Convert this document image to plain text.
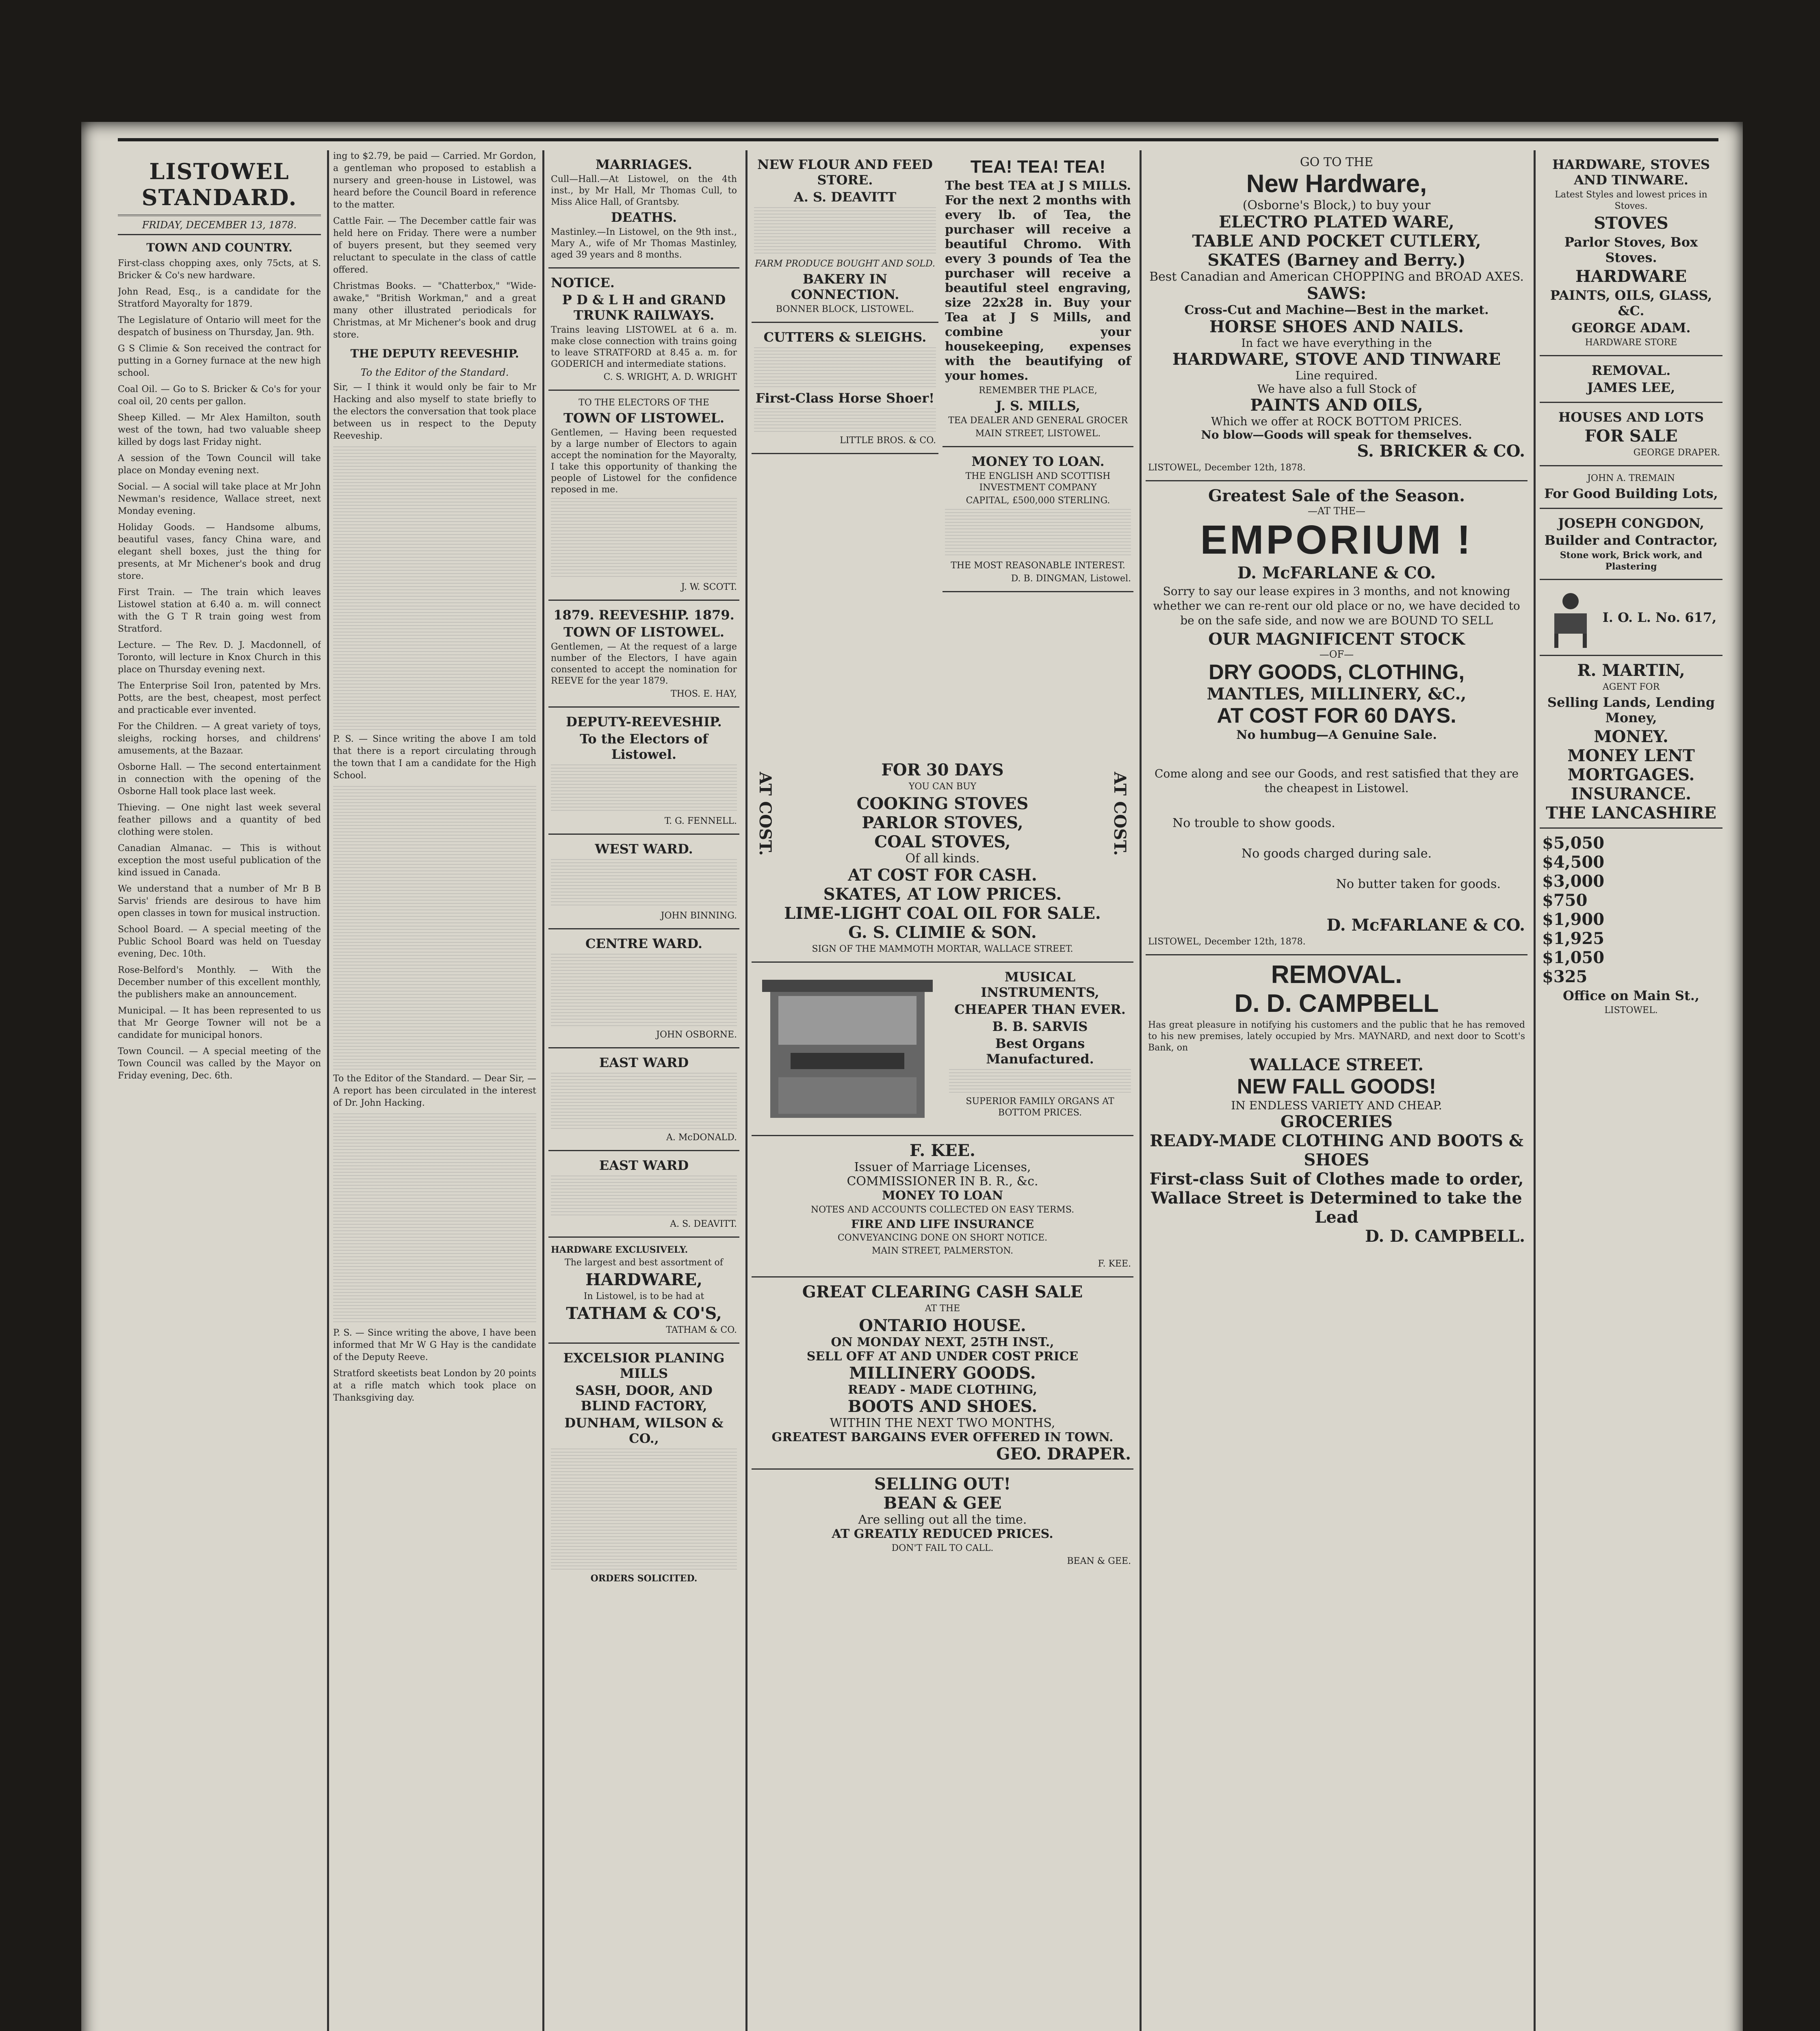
LISTOWEL STANDARD.
FRIDAY, DECEMBER 13, 1878.
TOWN AND COUNTRY.

First-class chopping axes, only 75cts, at S. Bricker & Co's new hardware.

John Read, Esq., is a candidate for the Stratford Mayoralty for 1879.

The Legislature of Ontario will meet for the despatch of business on Thursday, Jan. 9th.

G S Climie & Son received the contract for putting in a Gorney furnace at the new high school.

Coal Oil. — Go to S. Bricker & Co's for your coal oil, 20 cents per gallon.

Sheep Killed. — Mr Alex Hamilton, south west of the town, had two valuable sheep killed by dogs last Friday night.

A session of the Town Council will take place on Monday evening next.

Social. — A social will take place at Mr John Newman's residence, Wallace street, next Monday evening.

Holiday Goods. — Handsome albums, beautiful vases, fancy China ware, and elegant shell boxes, just the thing for presents, at Mr Michener's book and drug store.

First Train. — The train which leaves Listowel station at 6.40 a. m. will connect with the G T R train going west from Stratford.

Lecture. — The Rev. D. J. Macdonnell, of Toronto, will lecture in Knox Church in this place on Thursday evening next.

The Enterprise Soil Iron, patented by Mrs. Potts, are the best, cheapest, most perfect and practicable ever invented.

For the Children. — A great variety of toys, sleighs, rocking horses, and childrens' amusements, at the Bazaar.

Osborne Hall. — The second entertainment in connection with the opening of the Osborne Hall took place last week.

Thieving. — One night last week several feather pillows and a quantity of bed clothing were stolen.

Canadian Almanac. — This is without exception the most useful publication of the kind issued in Canada.

We understand that a number of Mr B B Sarvis' friends are desirous to have him open classes in town for musical instruction.

School Board. — A special meeting of the Public School Board was held on Tuesday evening, Dec. 10th.

Rose-Belford's Monthly. — With the December number of this excellent monthly, the publishers make an announcement.

Municipal. — It has been represented to us that Mr George Towner will not be a candidate for municipal honors.

Town Council. — A special meeting of the Town Council was called by the Mayor on Friday evening, Dec. 6th.

ing to $2.79, be paid — Carried. Mr Gordon, a gentleman who proposed to establish a nursery and green-house in Listowel, was heard before the Council Board in reference to the matter.

Cattle Fair. — The December cattle fair was held here on Friday. There were a number of buyers present, but they seemed very reluctant to speculate in the class of cattle offered.

Christmas Books. — "Chatterbox," "Wide-awake," "British Workman," and a great many other illustrated periodicals for Christmas, at Mr Michener's book and drug store.

THE DEPUTY REEVESHIP.
To the Editor of the Standard.

Sir, — I think it would only be fair to Mr Hacking and also myself to state briefly to the electors the conversation that took place between us in respect to the Deputy Reeveship.

P. S. — Since writing the above I am told that there is a report circulating through the town that I am a candidate for the High School.

To the Editor of the Standard. — Dear Sir, — A report has been circulated in the interest of Dr. John Hacking.

P. S. — Since writing the above, I have been informed that Mr W G Hay is the candidate of the Deputy Reeve.

Stratford skeetists beat London by 20 points at a rifle match which took place on Thanksgiving day.

MARRIAGES.

Cull—Hall.—At Listowel, on the 4th inst., by Mr Hall, Mr Thomas Cull, to Miss Alice Hall, of Grantsby.

DEATHS.

Mastinley.—In Listowel, on the 9th inst., Mary A., wife of Mr Thomas Mastinley, aged 39 years and 8 months.

NOTICE.
P D & L H and GRAND TRUNK RAILWAYS.

Trains leaving LISTOWEL at 6 a. m. make close connection with trains going to leave STRATFORD at 8.45 a. m. for GODERICH and intermediate stations.

C. S. WRIGHT, A. D. WRIGHT

TO THE ELECTORS OF THE

TOWN OF LISTOWEL.

Gentlemen, — Having been requested by a large number of Electors to again accept the nomination for the Mayoralty, I take this opportunity of thanking the people of Listowel for the confidence reposed in me.

J. W. SCOTT.

1879. REEVESHIP. 1879.
TOWN OF LISTOWEL.

Gentlemen, — At the request of a large number of the Electors, I have again consented to accept the nomination for REEVE for the year 1879.

THOS. E. HAY,

DEPUTY-REEVESHIP.
To the Electors of Listowel.

T. G. FENNELL.

WEST WARD.

JOHN BINNING.

CENTRE WARD.

JOHN OSBORNE.

EAST WARD

A. McDONALD.

EAST WARD

A. S. DEAVITT.

HARDWARE EXCLUSIVELY.

The largest and best assortment of

HARDWARE,

In Listowel, is to be had at

TATHAM & CO'S,

TATHAM & CO.

EXCELSIOR PLANING MILLS
SASH, DOOR, AND BLIND FACTORY,
DUNHAM, WILSON & CO.,

ORDERS SOLICITED.

NEW FLOUR AND FEED STORE.
A. S. DEAVITT

FARM PRODUCE BOUGHT AND SOLD.

BAKERY IN CONNECTION.

BONNER BLOCK, LISTOWEL.

CUTTERS & SLEIGHS.
First-Class Horse Shoer!

LITTLE BROS. & CO.

TEA! TEA! TEA!

The best TEA at J S MILLS. For the next 2 months with every lb. of Tea, the purchaser will receive a beautiful Chromo. With every 3 pounds of Tea the purchaser will receive a beautiful steel engraving, size 22x28 in. Buy your Tea at J S Mills, and combine your housekeeping, expenses with the beautifying of your homes.

REMEMBER THE PLACE,

J. S. MILLS,

TEA DEALER AND GENERAL GROCER

MAIN STREET, LISTOWEL.

MONEY TO LOAN.

THE ENGLISH AND SCOTTISH INVESTMENT COMPANY

CAPITAL, £500,000 STERLING.

THE MOST REASONABLE INTEREST.

D. B. DINGMAN, Listowel.

AT COST.	AT COST.
FOR 30 DAYS

YOU CAN BUY

COOKING STOVES
PARLOR STOVES,
COAL STOVES,
Of all kinds.
AT COST FOR CASH.
SKATES, AT LOW PRICES.
LIME-LIGHT COAL OIL FOR SALE.
G. S. CLIMIE & SON.

SIGN OF THE MAMMOTH MORTAR, WALLACE STREET.

MUSICAL INSTRUMENTS,
CHEAPER THAN EVER.
B. B. SARVIS
Best Organs Manufactured.

SUPERIOR FAMILY ORGANS AT BOTTOM PRICES.

F. KEE.
Issuer of Marriage Licenses,
COMMISSIONER IN B. R., &c.
MONEY TO LOAN

NOTES AND ACCOUNTS COLLECTED ON EASY TERMS.

FIRE AND LIFE INSURANCE

CONVEYANCING DONE ON SHORT NOTICE.

MAIN STREET, PALMERSTON.

F. KEE.

GREAT CLEARING CASH SALE

AT THE

ONTARIO HOUSE.
ON MONDAY NEXT, 25TH INST.,
SELL OFF AT AND UNDER COST PRICE
MILLINERY GOODS.
READY - MADE CLOTHING,
BOOTS AND SHOES.
WITHIN THE NEXT TWO MONTHS,
GREATEST BARGAINS EVER OFFERED IN TOWN.
GEO. DRAPER.
SELLING OUT!
BEAN & GEE
Are selling out all the time.
AT GREATLY REDUCED PRICES.

DON'T FAIL TO CALL.

BEAN & GEE.

GO TO THE
New Hardware,
(Osborne's Block,) to buy your
ELECTRO PLATED WARE,
TABLE AND POCKET CUTLERY,
SKATES (Barney and Berry.)
Best Canadian and American CHOPPING and BROAD AXES.
SAWS:
Cross-Cut and Machine—Best in the market.
HORSE SHOES AND NAILS.
In fact we have everything in the
HARDWARE, STOVE AND TINWARE
Line required.
We have also a full Stock of
PAINTS AND OILS,
Which we offer at ROCK BOTTOM PRICES.
No blow—Goods will speak for themselves.
S. BRICKER & CO.

LISTOWEL, December 12th, 1878.

Greatest Sale of the Season.
—AT THE—
EMPORIUM !
D. McFARLANE & CO.

Sorry to say our lease expires in 3 months, and not knowing whether we can re-rent our old place or no, we have decided to be on the safe side, and now we are BOUND TO SELL

OUR MAGNIFICENT STOCK
—OF—
DRY GOODS, CLOTHING,
MANTLES, MILLINERY, &C.,
AT COST FOR 60 DAYS.
No humbug—A Genuine Sale.

Come along and see our Goods, and rest satisfied that they are the cheapest in Listowel.

No trouble to show goods.
No goods charged during sale.
No butter taken for goods.
D. McFARLANE & CO.

LISTOWEL, December 12th, 1878.

REMOVAL.
D. D. CAMPBELL

Has great pleasure in notifying his customers and the public that he has removed to his new premises, lately occupied by Mrs. MAYNARD, and next door to Scott's Bank, on

WALLACE STREET.
NEW FALL GOODS!
IN ENDLESS VARIETY AND CHEAP.
GROCERIES
READY-MADE CLOTHING AND BOOTS & SHOES
First-class Suit of Clothes made to order,
Wallace Street is Determined to take the Lead
D. D. CAMPBELL.
HARDWARE, STOVES AND TINWARE.

Latest Styles and lowest prices in Stoves.

STOVES
Parlor Stoves, Box Stoves.
HARDWARE
PAINTS, OILS, GLASS, &C.
GEORGE ADAM.

HARDWARE STORE

REMOVAL.
JAMES LEE,
HOUSES AND LOTS
FOR SALE

GEORGE DRAPER.

JOHN A. TREMAIN

For Good Building Lots,
JOSEPH CONGDON,
Builder and Contractor,

Stone work, Brick work, and Plastering

I. O. L. No. 617,
R. MARTIN,

AGENT FOR

Selling Lands, Lending Money,
MONEY.
MONEY LENT
MORTGAGES.
INSURANCE.
THE LANCASHIRE
$5,050
$4,500
$3,000
$750
$1,900
$1,925
$1,050
$325
Office on Main St.,

LISTOWEL.
